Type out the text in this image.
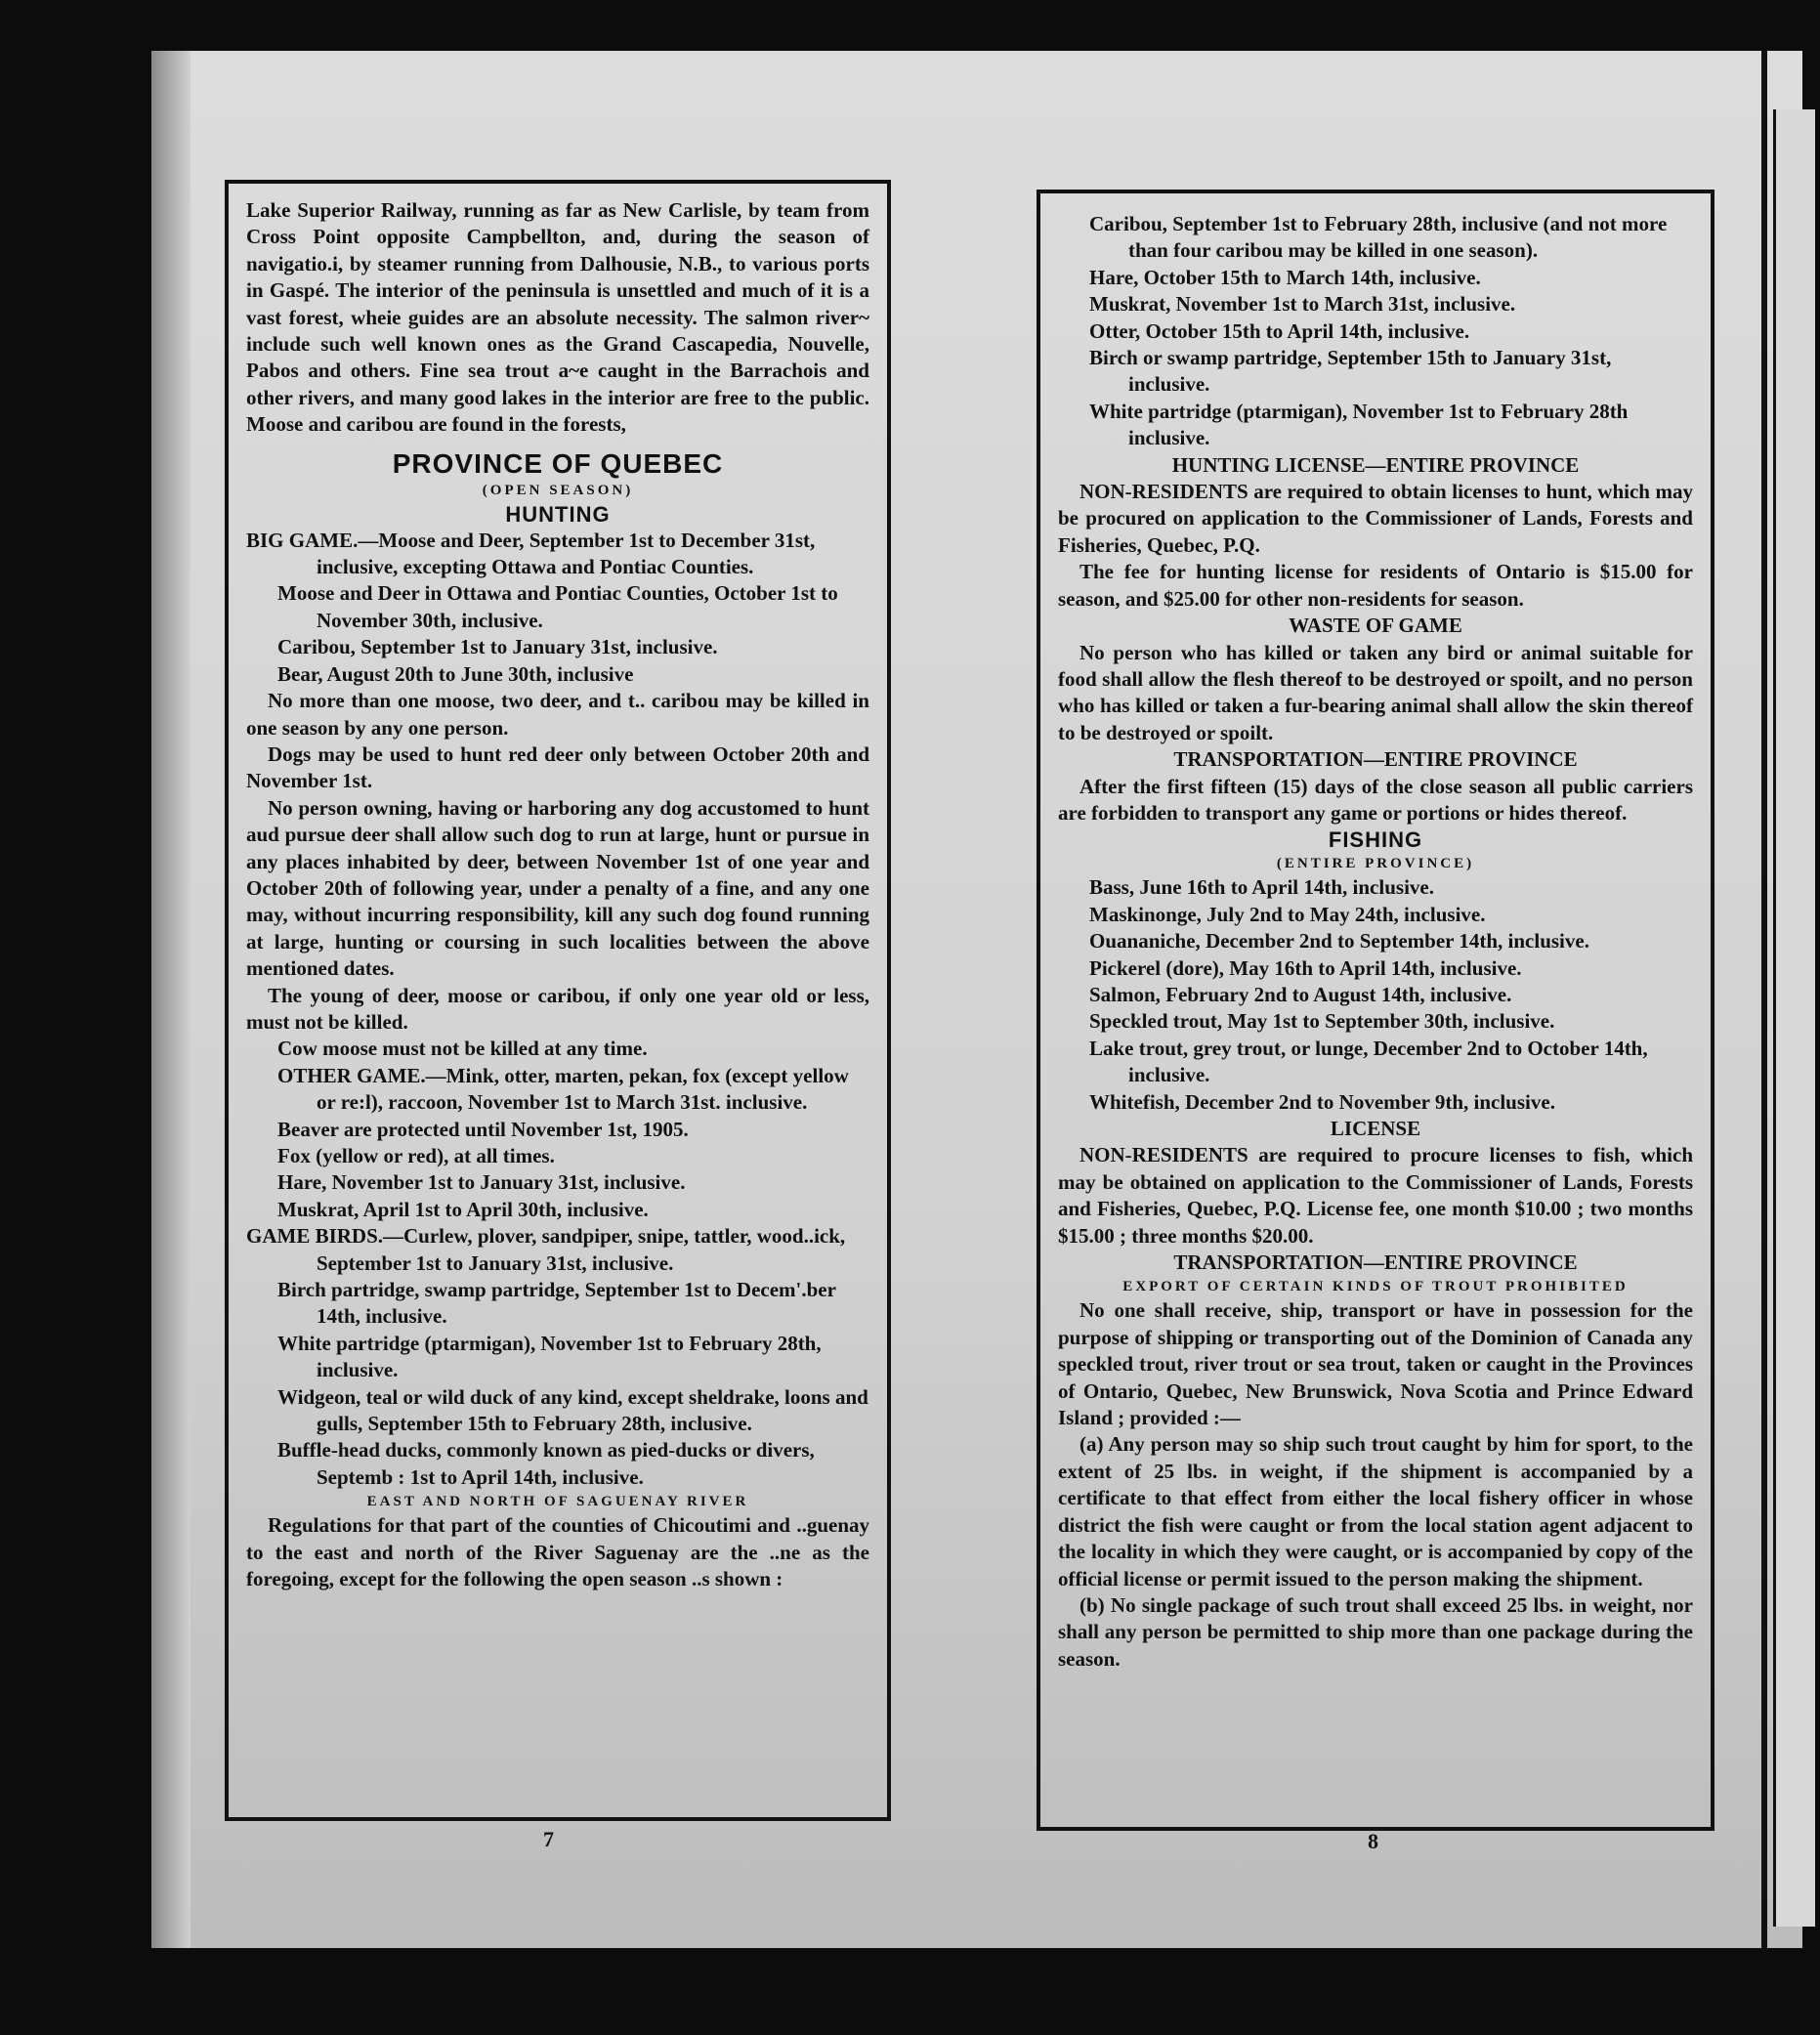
Lake Superior Railway, running as far as New Carlisle, by team from Cross Point opposite Campbellton, and, during the season of navigatio.i, by steamer running from Dalhousie, N.B., to various ports in Gaspé. The interior of the peninsula is unsettled and much of it is a vast forest, wheie guides are an absolute necessity. The salmon river~ include such well known ones as the Grand Cascapedia, Nouvelle, Pabos and others. Fine sea trout a~e caught in the Barrachois and other rivers, and many good lakes in the interior are free to the public. Moose and caribou are found in the forests,

PROVINCE OF QUEBEC
(OPEN SEASON)
HUNTING

BIG GAME.—Moose and Deer, September 1st to December 31st, inclusive, excepting Ottawa and Pontiac Counties.

Moose and Deer in Ottawa and Pontiac Counties, October 1st to November 30th, inclusive.

Caribou, September 1st to January 31st, inclusive.

Bear, August 20th to June 30th, inclusive

No more than one moose, two deer, and t.. caribou may be killed in one season by any one person.

Dogs may be used to hunt red deer only between October 20th and November 1st.

No person owning, having or harboring any dog accustomed to hunt aud pursue deer shall allow such dog to run at large, hunt or pursue in any places inhabited by deer, between November 1st of one year and October 20th of following year, under a penalty of a fine, and any one may, without incurring responsibility, kill any such dog found running at large, hunting or coursing in such localities between the above mentioned dates.

The young of deer, moose or caribou, if only one year old or less, must not be killed.

Cow moose must not be killed at any time.

OTHER GAME.—Mink, otter, marten, pekan, fox (except yellow or re:l), raccoon, November 1st to March 31st. inclusive.

Beaver are protected until November 1st, 1905.

Fox (yellow or red), at all times.

Hare, November 1st to January 31st, inclusive.

Muskrat, April 1st to April 30th, inclusive.

GAME BIRDS.—Curlew, plover, sandpiper, snipe, tattler, wood..ick, September 1st to January 31st, inclusive.

Birch partridge, swamp partridge, September 1st to Decem'.ber 14th, inclusive.

White partridge (ptarmigan), November 1st to February 28th, inclusive.

Widgeon, teal or wild duck of any kind, except sheldrake, loons and gulls, September 15th to February 28th, inclusive.

Buffle-head ducks, commonly known as pied-ducks or divers, Septemb : 1st to April 14th, inclusive.

EAST AND NORTH OF SAGUENAY RIVER

Regulations for that part of the counties of Chicoutimi and ..guenay to the east and north of the River Saguenay are the ..ne as the foregoing, except for the following the open season ..s shown :

7

Caribou, September 1st to February 28th, inclusive (and not more than four caribou may be killed in one season).

Hare, October 15th to March 14th, inclusive.

Muskrat, November 1st to March 31st, inclusive.

Otter, October 15th to April 14th, inclusive.

Birch or swamp partridge, September 15th to January 31st, inclusive.

White partridge (ptarmigan), November 1st to February 28th inclusive.

HUNTING LICENSE—ENTIRE PROVINCE

NON-RESIDENTS are required to obtain licenses to hunt, which may be procured on application to the Commissioner of Lands, Forests and Fisheries, Quebec, P.Q.

The fee for hunting license for residents of Ontario is $15.00 for season, and $25.00 for other non-residents for season.

WASTE OF GAME

No person who has killed or taken any bird or animal suitable for food shall allow the flesh thereof to be destroyed or spoilt, and no person who has killed or taken a fur-bearing animal shall allow the skin thereof to be destroyed or spoilt.

TRANSPORTATION—ENTIRE PROVINCE

After the first fifteen (15) days of the close season all public carriers are forbidden to transport any game or portions or hides thereof.

FISHING
(ENTIRE PROVINCE)

Bass, June 16th to April 14th, inclusive.

Maskinonge, July 2nd to May 24th, inclusive.

Ouananiche, December 2nd to September 14th, inclusive.

Pickerel (dore), May 16th to April 14th, inclusive.

Salmon, February 2nd to August 14th, inclusive.

Speckled trout, May 1st to September 30th, inclusive.

Lake trout, grey trout, or lunge, December 2nd to October 14th, inclusive.

Whitefish, December 2nd to November 9th, inclusive.

LICENSE

NON-RESIDENTS are required to procure licenses to fish, which may be obtained on application to the Commissioner of Lands, Forests and Fisheries, Quebec, P.Q. License fee, one month $10.00 ; two months $15.00 ; three months $20.00.

TRANSPORTATION—ENTIRE PROVINCE
EXPORT OF CERTAIN KINDS OF TROUT PROHIBITED

No one shall receive, ship, transport or have in possession for the purpose of shipping or transporting out of the Dominion of Canada any speckled trout, river trout or sea trout, taken or caught in the Provinces of Ontario, Quebec, New Brunswick, Nova Scotia and Prince Edward Island ; provided :—

(a) Any person may so ship such trout caught by him for sport, to the extent of 25 lbs. in weight, if the shipment is accompanied by a certificate to that effect from either the local fishery officer in whose district the fish were caught or from the local station agent adjacent to the locality in which they were caught, or is accompanied by copy of the official license or permit issued to the person making the shipment.

(b) No single package of such trout shall exceed 25 lbs. in weight, nor shall any person be permitted to ship more than one package during the season.

8
